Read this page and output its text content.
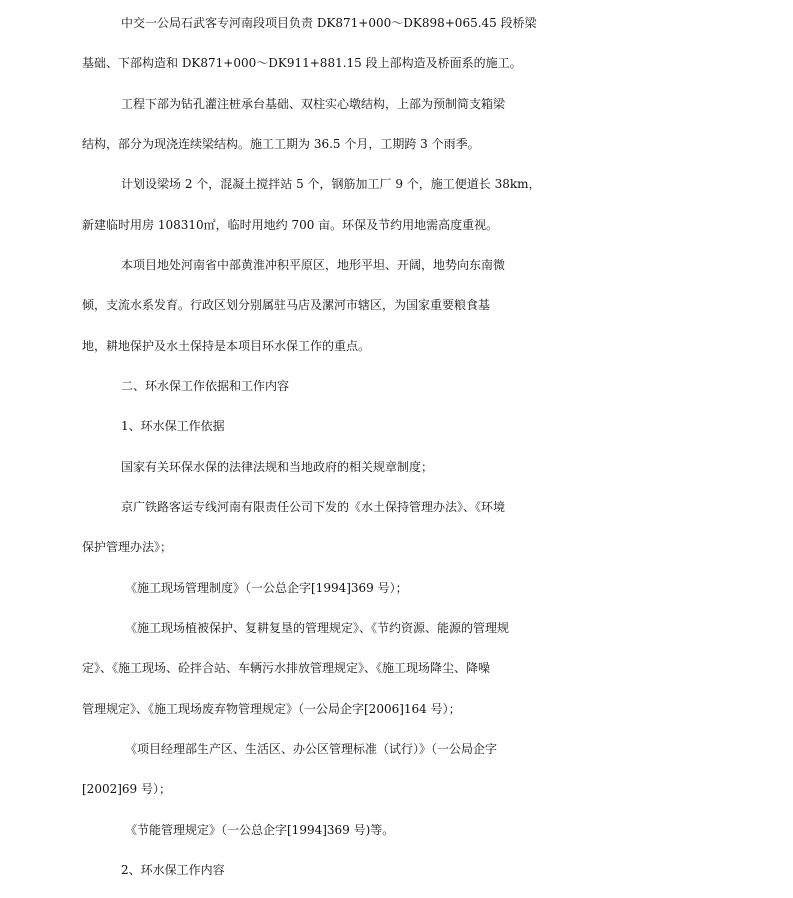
中交一公局石武客专河南段项目负责 DK871+000～DK898+065.45 段桥梁
基础、下部构造和 DK871+000～DK911+881.15 段上部构造及桥面系的施工。
工程下部为钻孔灌注桩承台基础、双柱实心墩结构，上部为预制简支箱梁
结构，部分为现浇连续梁结构。施工工期为 36.5 个月，工期跨 3 个雨季。
计划设梁场 2 个，混凝土搅拌站 5 个，钢筋加工厂 9 个，施工便道长 38km，
新建临时用房 108310㎡，临时用地约 700 亩。环保及节约用地需高度重视。
本项目地处河南省中部黄淮冲积平原区，地形平坦、开阔，地势向东南微
倾，支流水系发育。行政区划分别属驻马店及漯河市辖区，为国家重要粮食基
地，耕地保护及水土保持是本项目环水保工作的重点。
二、环水保工作依据和工作内容
1、环水保工作依据
国家有关环保水保的法律法规和当地政府的相关规章制度；
京广铁路客运专线河南有限责任公司下发的《水土保持管理办法》、《环境
保护管理办法》；
《施工现场管理制度》（一公总企字[1994]369 号）；
《施工现场植被保护、复耕复垦的管理规定》、《节约资源、能源的管理规
定》、《施工现场、砼拌合站、车辆污水排放管理规定》、《施工现场降尘、降噪
管理规定》、《施工现场废弃物管理规定》（一公局企字[2006]164 号）；
《项目经理部生产区、生活区、办公区管理标准（试行）》（一公局企字
[2002]69 号）；
《节能管理规定》（一公总企字[1994]369 号)等。
2、环水保工作内容
